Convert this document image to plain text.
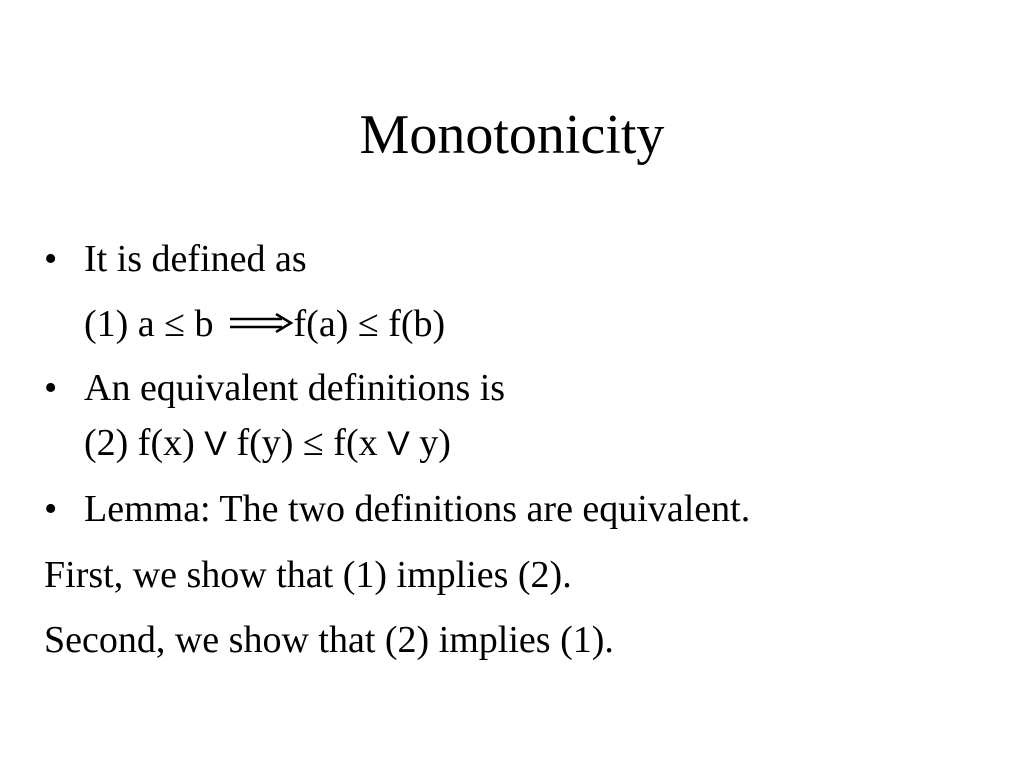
Monotonicity
• It is defined as
(1) a ≤ b f(a) ≤ f(b)
• An equivalent definitions is
(2) f(x) V f(y) ≤ f(x V y)
• Lemma: The two definitions are equivalent.
First, we show that (1) implies (2).
Second, we show that (2) implies (1).
